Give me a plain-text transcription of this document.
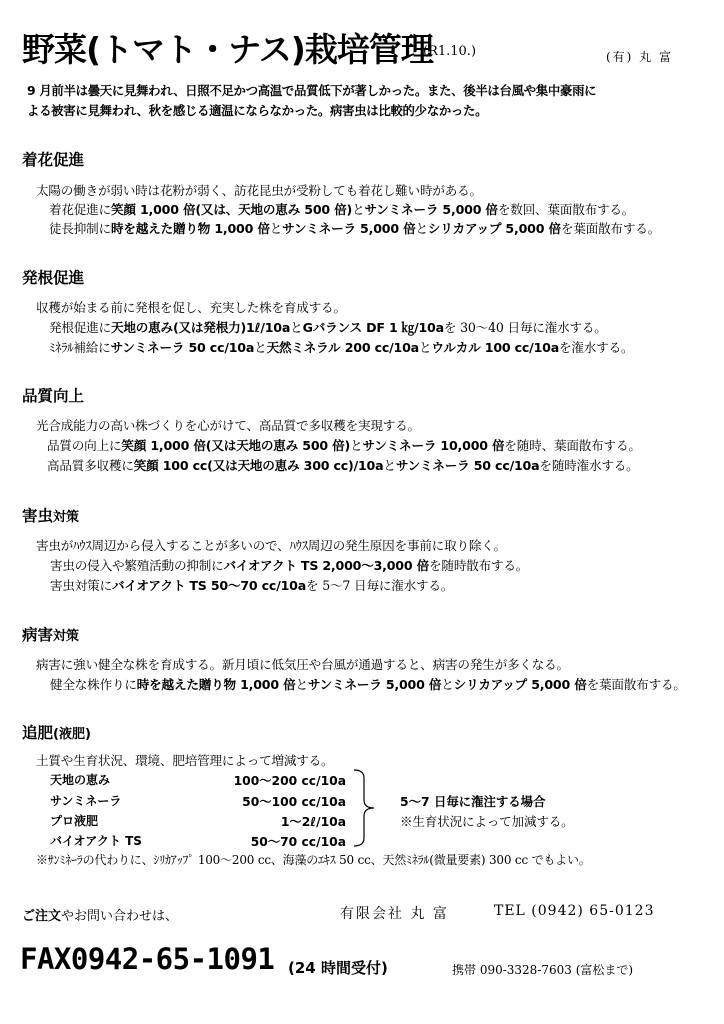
野菜(トマト・ナス)栽培管理
(R1.10.)	(有) 丸 富
9 月前半は曇天に見舞われ、日照不足かつ高温で品質低下が著しかった。また、後半は台風や集中豪雨に
よる被害に見舞われ、秋を感じる適温にならなかった。病害虫は比較的少なかった。
着花促進
太陽の働きが弱い時は花粉が弱く、訪花昆虫が受粉しても着花し難い時がある。
着花促進に笑顔 1,000 倍(又は、天地の恵み 500 倍)とサンミネーラ 5,000 倍を数回、葉面散布する。
徒長抑制に時を越えた贈り物 1,000 倍とサンミネーラ 5,000 倍とシリカアップ 5,000 倍を葉面散布する。
発根促進
収穫が始まる前に発根を促し、充実した株を育成する。
発根促進に天地の恵み(又は発根力)1ℓ/10aとGバランス DF 1 ㎏/10aを 30〜40 日毎に潅水する。
ﾐﾈﾗﾙ補給にサンミネーラ 50 cc/10aと天然ミネラル 200 cc/10aとウルカル 100 cc/10aを潅水する。
品質向上
光合成能力の高い株づくりを心がけて、高品質で多収穫を実現する。
品質の向上に笑顔 1,000 倍(又は天地の恵み 500 倍)とサンミネーラ 10,000 倍を随時、葉面散布する。
高品質多収穫に笑顔 100 cc(又は天地の恵み 300 cc)/10aとサンミネーラ 50 cc/10aを随時潅水する。
害虫対策
害虫がﾊｳｽ周辺から侵入することが多いので、ﾊｳｽ周辺の発生原因を事前に取り除く。
害虫の侵入や繁殖活動の抑制にバイオアクト TS 2,000〜3,000 倍を随時散布する。
害虫対策にバイオアクト TS 50〜70 cc/10aを 5〜7 日毎に潅水する。
病害対策
病害に強い健全な株を育成する。新月頃に低気圧や台風が通過すると、病害の発生が多くなる。
健全な株作りに時を越えた贈り物 1,000 倍とサンミネーラ 5,000 倍とシリカアップ 5,000 倍を葉面散布する。
追肥(液肥)
土質や生育状況、環境、肥培管理によって増減する。
天地の恵み	100〜200 cc/10a
サンミネーラ	50〜100 cc/10a
プロ液肥	1〜2ℓ/10a
バイオアクト TS	50〜70 cc/10a
5〜7 日毎に潅注する場合
※生育状況によって加減する。
※ｻﾝﾐﾈｰﾗの代わりに、ｼﾘｶｱｯﾌﾟ 100〜200 cc、海藻のｴｷｽ 50 cc、天然ﾐﾈﾗﾙ(微量要素) 300 cc でもよい。
ご注文やお問い合わせは、	有限会社 丸 富	TEL (0942) 65-0123
FAX0942-65-1091 (24 時間受付)	携帯 090-3328-7603 (富松まで)
